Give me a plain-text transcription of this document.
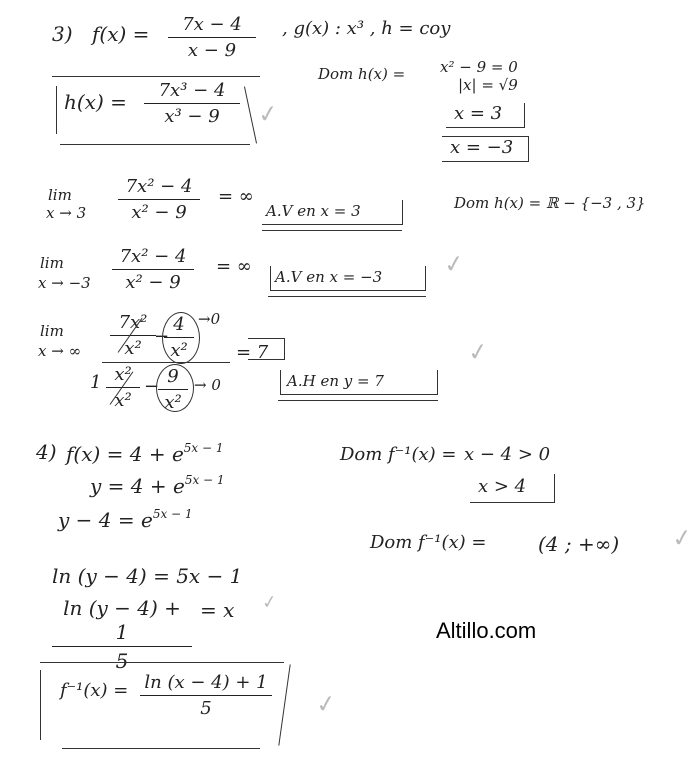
3) f(x) =	7x − 4
x − 9
, g(x) : x³ , h = coy
Dom h(x) = x² − 9 = 0
|x| = √9
x = 3
x = −3
h(x) =	7x³ − 4
x³ − 9	✓
lim
x → 3
7x² − 4
x² − 9
= ∞
A.V en x = 3	Dom h(x) = ℝ − {−3 , 3}
lim
x → −3
7x² − 4
x² − 9
= ∞ A.V en x = −3 ✓
lim
x → ∞
7x²
x²
−
4
x²
→0
= 7
1 x²
x²
− 9
x²
→ 0	A.H en y = 7
✓
4) $f(x) = 4 + e^{5x - 1}$
$y = 4 + e^{5x - 1}$
$y - 4 = e^{5x - 1}$
Dom f⁻¹(x) = x − 4 > 0
x > 4
Dom f⁻¹(x) =	(4 ; +∞) ✓
ln (y − 4) = 5x − 1
ln (y − 4) + 1
5
= x ✓
Altillo.com
f⁻¹(x) = ln (x − 4) + 1
5	✓
